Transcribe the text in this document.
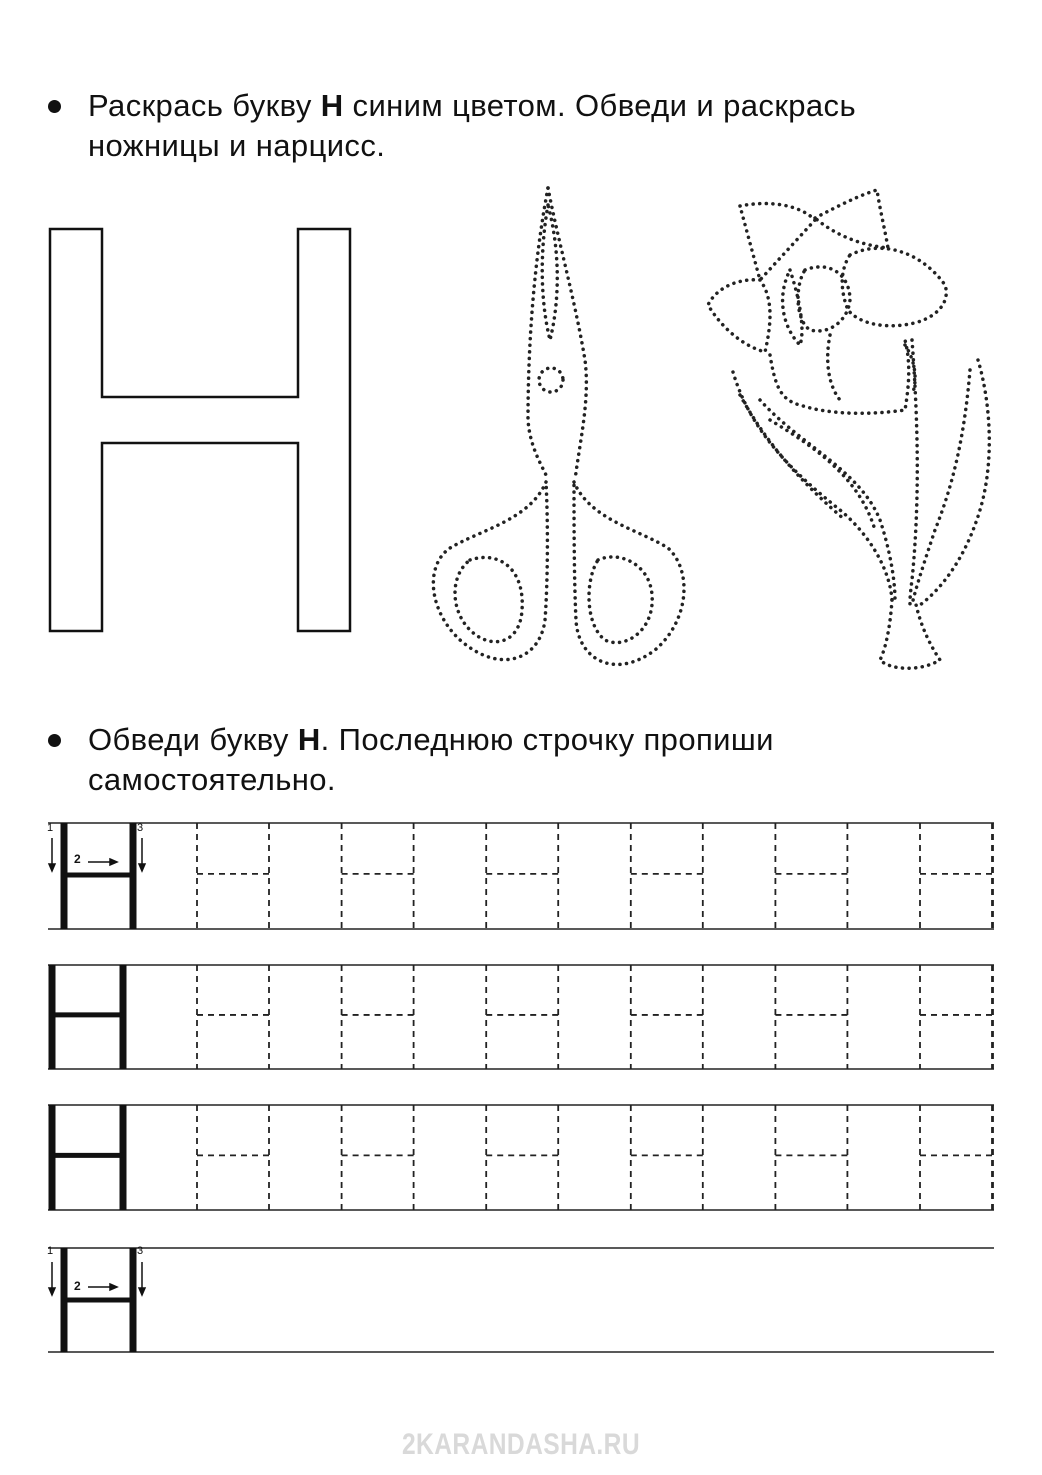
Раскрась букву Н синим цветом. Обведи и раскрась ножницы и нарцисс.
Обведи букву Н. Последнюю строчку пропиши самостоятельно.
1
2
3
1
2
3
2KARANDASHA.RU
